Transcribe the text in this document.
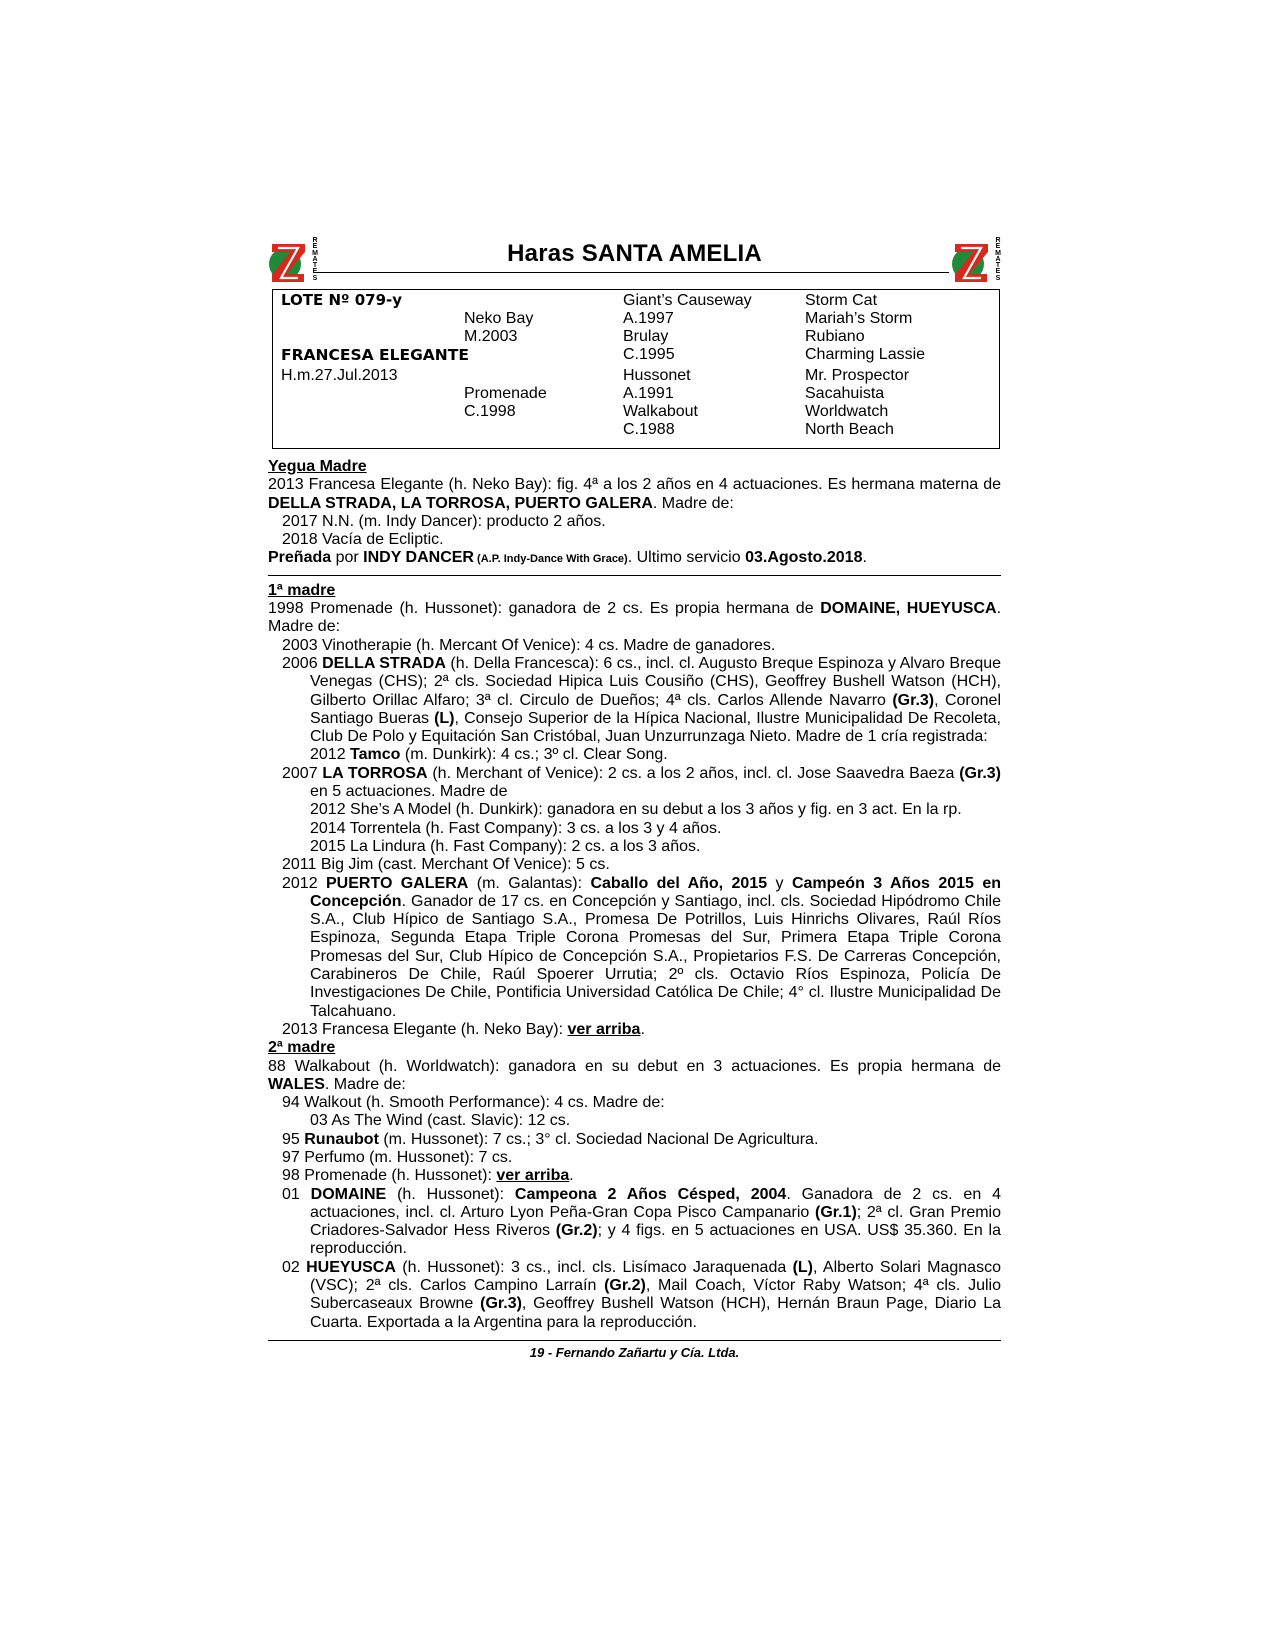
R
E
M
A
T
E
S
Haras SANTA AMELIA	R
E
M
A
T
E
S
LOTE Nº 079-y
FRANCESA ELEGANTE
H.m.27.Jul.2013
Neko Bay
M.2003
Promenade
C.1998
Giant’s Causeway
A.1997
Brulay
C.1995
Hussonet
A.1991
Walkabout
C.1988
Storm Cat
Mariah’s Storm
Rubiano
Charming Lassie
Mr. Prospector
Sacahuista
Worldwatch
North Beach
Yegua Madre

2013 Francesa Elegante (h. Neko Bay): fig. 4ª a los 2 años en 4 actuaciones. Es hermana materna de DELLA STRADA, LA TORROSA, PUERTO GALERA. Madre de:

2017 N.N. (m. Indy Dancer): producto 2 años.

2018 Vacía de Ecliptic.

Preñada por INDY DANCER (A.P. Indy-Dance With Grace). Ultimo servicio 03.Agosto.2018.

1ª madre

1998 Promenade (h. Hussonet): ganadora de 2 cs. Es propia hermana de DOMAINE, HUEYUSCA. Madre de:

2003 Vinotherapie (h. Mercant Of Venice): 4 cs. Madre de ganadores.

2006 DELLA STRADA (h. Della Francesca): 6 cs., incl. cl. Augusto Breque Espinoza y Alvaro Breque Venegas (CHS); 2ª cls. Sociedad Hipica Luis Cousiño (CHS), Geoffrey Bushell Watson (HCH), Gilberto Orillac Alfaro; 3ª cl. Circulo de Dueños; 4ª cls. Carlos Allende Navarro (Gr.3), Coronel Santiago Bueras (L), Consejo Superior de la Hípica Nacional, Ilustre Municipalidad De Recoleta, Club De Polo y Equitación San Cristóbal, Juan Unzurrunzaga Nieto. Madre de 1 cría registrada:

2012 Tamco (m. Dunkirk): 4 cs.; 3º cl. Clear Song.

2007 LA TORROSA (h. Merchant of Venice): 2 cs. a los 2 años, incl. cl. Jose Saavedra Baeza (Gr.3) en 5 actuaciones. Madre de

2012 She’s A Model (h. Dunkirk): ganadora en su debut a los 3 años y fig. en 3 act. En la rp.

2014 Torrentela (h. Fast Company): 3 cs. a los 3 y 4 años.

2015 La Lindura (h. Fast Company): 2 cs. a los 3 años.

2011 Big Jim (cast. Merchant Of Venice): 5 cs.

2012 PUERTO GALERA (m. Galantas): Caballo del Año, 2015 y Campeón 3 Años 2015 en Concepción. Ganador de 17 cs. en Concepción y Santiago, incl. cls. Sociedad Hipódromo Chile S.A., Club Hípico de Santiago S.A., Promesa De Potrillos, Luis Hinrichs Olivares, Raúl Ríos Espinoza, Segunda Etapa Triple Corona Promesas del Sur, Primera Etapa Triple Corona Promesas del Sur, Club Hípico de Concepción S.A., Propietarios F.S. De Carreras Concepción, Carabineros De Chile, Raúl Spoerer Urrutia; 2º cls. Octavio Ríos Espinoza, Policía De Investigaciones De Chile, Pontificia Universidad Católica De Chile; 4° cl. Ilustre Municipalidad De Talcahuano.

2013 Francesa Elegante (h. Neko Bay): ver arriba.

2ª madre

88 Walkabout (h. Worldwatch): ganadora en su debut en 3 actuaciones. Es propia hermana de WALES. Madre de:

94 Walkout (h. Smooth Performance): 4 cs. Madre de:

03 As The Wind (cast. Slavic): 12 cs.

95 Runaubot (m. Hussonet): 7 cs.; 3° cl. Sociedad Nacional De Agricultura.

97 Perfumo (m. Hussonet): 7 cs.

98 Promenade (h. Hussonet): ver arriba.

01 DOMAINE (h. Hussonet): Campeona 2 Años Césped, 2004. Ganadora de 2 cs. en 4 actuaciones, incl. cl. Arturo Lyon Peña-Gran Copa Pisco Campanario (Gr.1); 2ª cl. Gran Premio Criadores-Salvador Hess Riveros (Gr.2); y 4 figs. en 5 actuaciones en USA. US$ 35.360. En la reproducción.

02 HUEYUSCA (h. Hussonet): 3 cs., incl. cls. Lisímaco Jaraquenada (L), Alberto Solari Magnasco (VSC); 2ª cls. Carlos Campino Larraín (Gr.2), Mail Coach, Víctor Raby Watson; 4ª cls. Julio Subercaseaux Browne (Gr.3), Geoffrey Bushell Watson (HCH), Hernán Braun Page, Diario La Cuarta. Exportada a la Argentina para la reproducción.

19 - Fernando Zañartu y Cía. Ltda.
